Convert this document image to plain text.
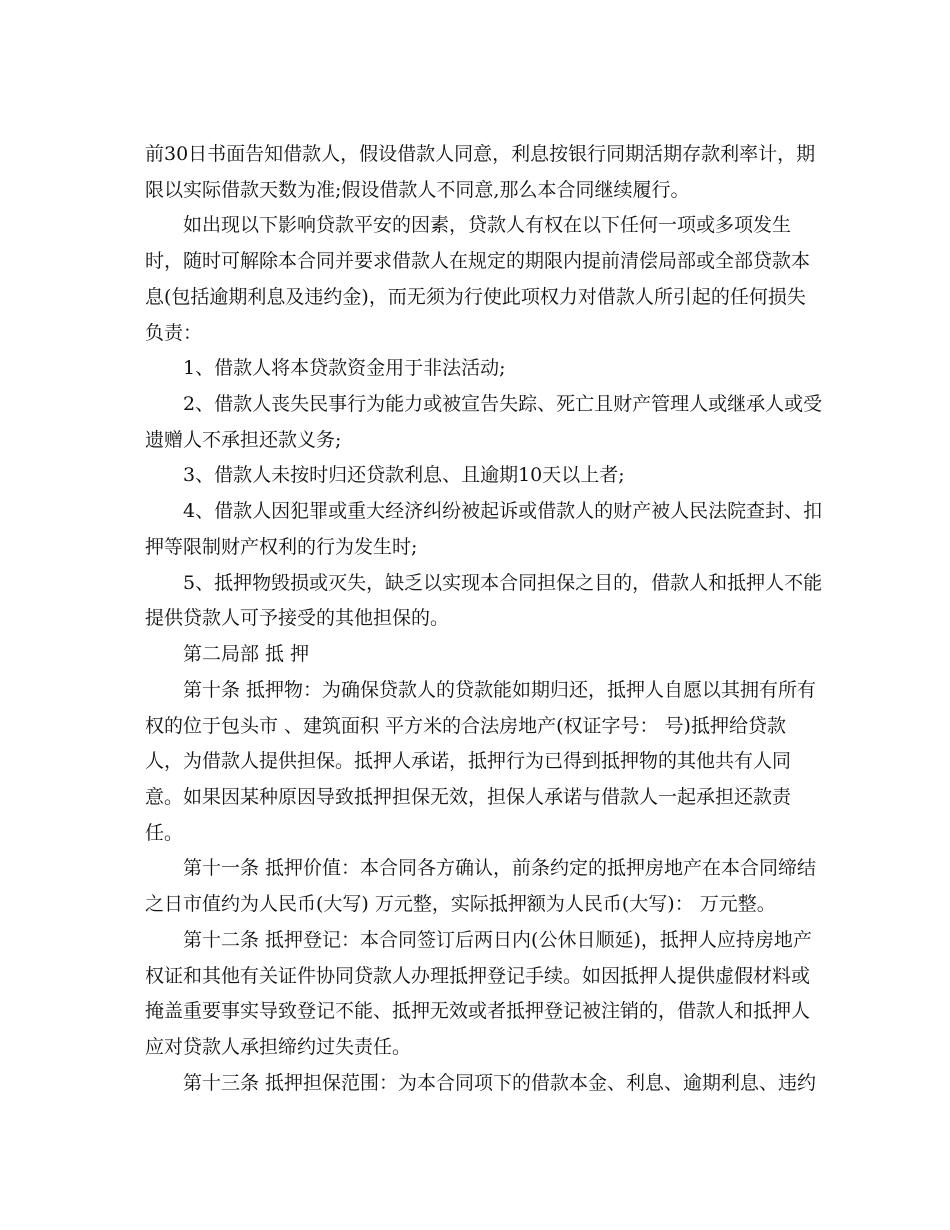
前30日书面告知借款人，假设借款人同意，利息按银行同期活期存款利率计，期
限以实际借款天数为准;假设借款人不同意,那么本合同继续履行。
如出现以下影响贷款平安的因素，贷款人有权在以下任何一项或多项发生
时，随时可解除本合同并要求借款人在规定的期限内提前清偿局部或全部贷款本
息(包括逾期利息及违约金)，而无须为行使此项权力对借款人所引起的任何损失
负责：
1、借款人将本贷款资金用于非法活动;
2、借款人丧失民事行为能力或被宣告失踪、死亡且财产管理人或继承人或受
遗赠人不承担还款义务;
3、借款人未按时归还贷款利息、且逾期10天以上者;
4、借款人因犯罪或重大经济纠纷被起诉或借款人的财产被人民法院查封、扣
押等限制财产权利的行为发生时;
5、抵押物毁损或灭失，缺乏以实现本合同担保之目的，借款人和抵押人不能
提供贷款人可予接受的其他担保的。
第二局部 抵 押
第十条 抵押物：为确保贷款人的贷款能如期归还，抵押人自愿以其拥有所有
权的位于包头市 、建筑面积 平方米的合法房地产(权证字号： 号)抵押给贷款
人，为借款人提供担保。抵押人承诺，抵押行为已得到抵押物的其他共有人同
意。如果因某种原因导致抵押担保无效，担保人承诺与借款人一起承担还款责
任。
第十一条 抵押价值：本合同各方确认，前条约定的抵押房地产在本合同缔结
之日市值约为人民币(大写) 万元整，实际抵押额为人民币(大写)： 万元整。
第十二条 抵押登记：本合同签订后两日内(公休日顺延)，抵押人应持房地产
权证和其他有关证件协同贷款人办理抵押登记手续。如因抵押人提供虚假材料或
掩盖重要事实导致登记不能、抵押无效或者抵押登记被注销的，借款人和抵押人
应对贷款人承担缔约过失责任。
第十三条 抵押担保范围：为本合同项下的借款本金、利息、逾期利息、违约
